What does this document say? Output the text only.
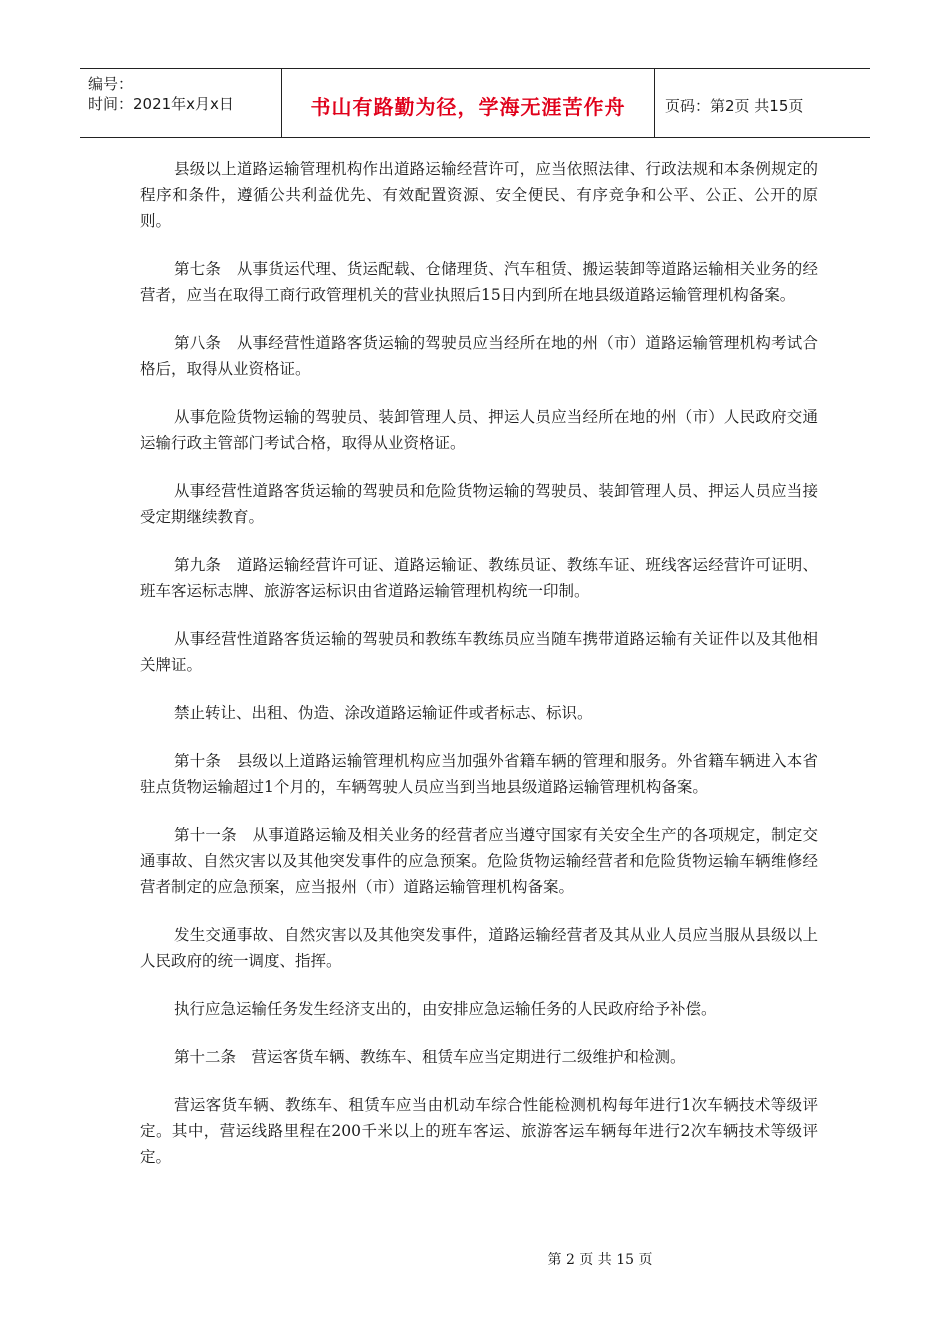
编号：
时间：2021年x月x日	书山有路勤为径，学海无涯苦作舟	页码：第2页 共15页

县级以上道路运输管理机构作出道路运输经营许可，应当依照法律、行政法规和本条例规定的程序和条件，遵循公共利益优先、有效配置资源、安全便民、有序竞争和公平、公正、公开的原则。

第七条　从事货运代理、货运配载、仓储理货、汽车租赁、搬运装卸等道路运输相关业务的经营者，应当在取得工商行政管理机关的营业执照后15日内到所在地县级道路运输管理机构备案。

第八条　从事经营性道路客货运输的驾驶员应当经所在地的州（市）道路运输管理机构考试合格后，取得从业资格证。

从事危险货物运输的驾驶员、装卸管理人员、押运人员应当经所在地的州（市）人民政府交通运输行政主管部门考试合格，取得从业资格证。

从事经营性道路客货运输的驾驶员和危险货物运输的驾驶员、装卸管理人员、押运人员应当接受定期继续教育。

第九条　道路运输经营许可证、道路运输证、教练员证、教练车证、班线客运经营许可证明、班车客运标志牌、旅游客运标识由省道路运输管理机构统一印制。

从事经营性道路客货运输的驾驶员和教练车教练员应当随车携带道路运输有关证件以及其他相关牌证。

禁止转让、出租、伪造、涂改道路运输证件或者标志、标识。

第十条　县级以上道路运输管理机构应当加强外省籍车辆的管理和服务。外省籍车辆进入本省驻点货物运输超过1个月的，车辆驾驶人员应当到当地县级道路运输管理机构备案。

第十一条　从事道路运输及相关业务的经营者应当遵守国家有关安全生产的各项规定，制定交通事故、自然灾害以及其他突发事件的应急预案。危险货物运输经营者和危险货物运输车辆维修经营者制定的应急预案，应当报州（市）道路运输管理机构备案。

发生交通事故、自然灾害以及其他突发事件，道路运输经营者及其从业人员应当服从县级以上人民政府的统一调度、指挥。

执行应急运输任务发生经济支出的，由安排应急运输任务的人民政府给予补偿。

第十二条　营运客货车辆、教练车、租赁车应当定期进行二级维护和检测。

营运客货车辆、教练车、租赁车应当由机动车综合性能检测机构每年进行1次车辆技术等级评定。其中，营运线路里程在200千米以上的班车客运、旅游客运车辆每年进行2次车辆技术等级评定。

第 2 页 共 15 页
